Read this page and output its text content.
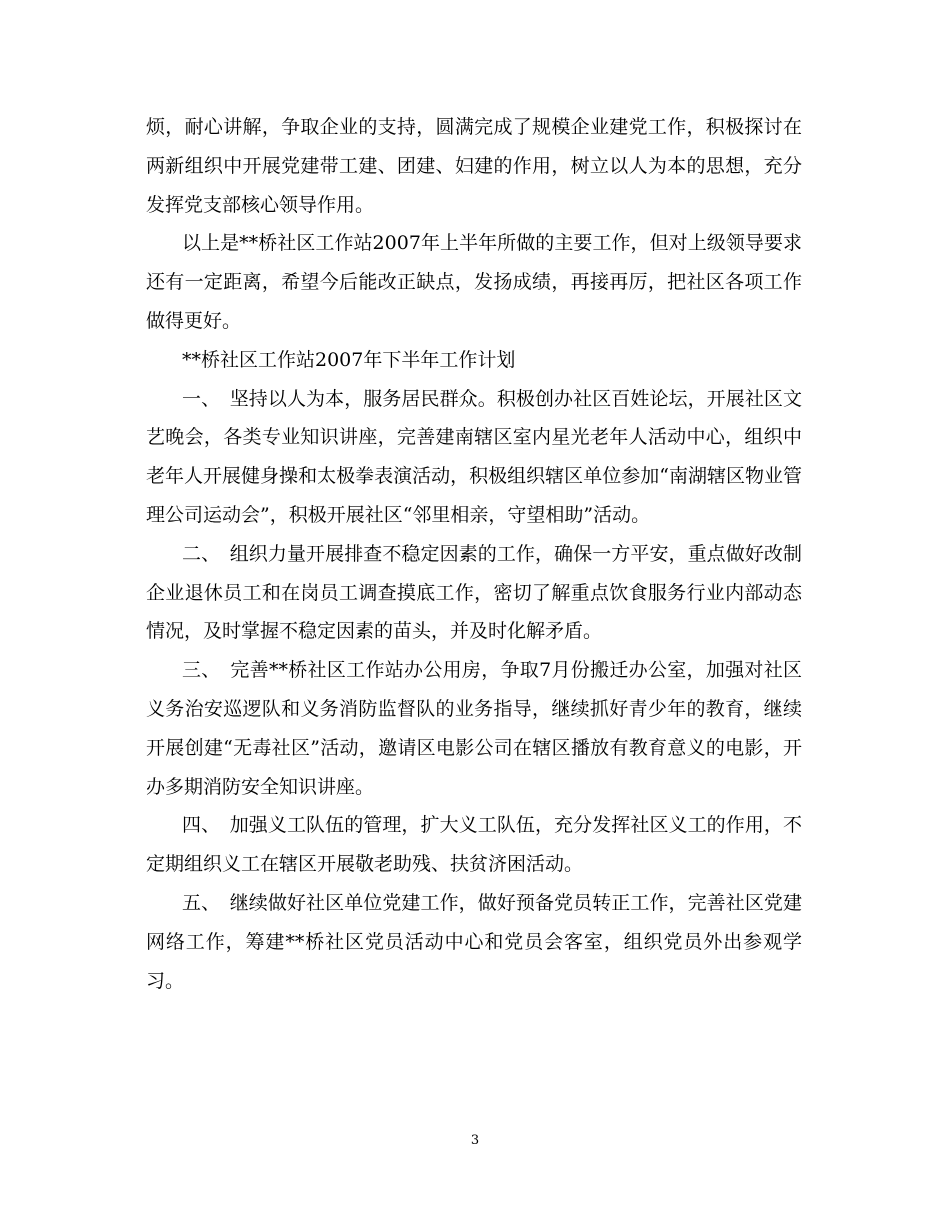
烦，耐心讲解，争取企业的支持，圆满完成了规模企业建党工作，积极探讨在两新组织中开展党建带工建、团建、妇建的作用，树立以人为本的思想，充分发挥党支部核心领导作用。

以上是**桥社区工作站2007年上半年所做的主要工作，但对上级领导要求还有一定距离，希望今后能改正缺点，发扬成绩，再接再厉，把社区各项工作做得更好。

**桥社区工作站2007年下半年工作计划

一、　坚持以人为本，服务居民群众。积极创办社区百姓论坛，开展社区文艺晚会，各类专业知识讲座，完善建南辖区室内星光老年人活动中心，组织中老年人开展健身操和太极拳表演活动，积极组织辖区单位参加“南湖辖区物业管理公司运动会”，积极开展社区“邻里相亲，守望相助”活动。

二、　组织力量开展排查不稳定因素的工作，确保一方平安，重点做好改制企业退休员工和在岗员工调查摸底工作，密切了解重点饮食服务行业内部动态情况，及时掌握不稳定因素的苗头，并及时化解矛盾。

三、　完善**桥社区工作站办公用房，争取7月份搬迁办公室，加强对社区义务治安巡逻队和义务消防监督队的业务指导，继续抓好青少年的教育，继续开展创建“无毒社区”活动，邀请区电影公司在辖区播放有教育意义的电影，开办多期消防安全知识讲座。

四、　加强义工队伍的管理，扩大义工队伍，充分发挥社区义工的作用，不定期组织义工在辖区开展敬老助残、扶贫济困活动。

五、　继续做好社区单位党建工作，做好预备党员转正工作，完善社区党建网络工作，筹建**桥社区党员活动中心和党员会客室，组织党员外出参观学习。

3
